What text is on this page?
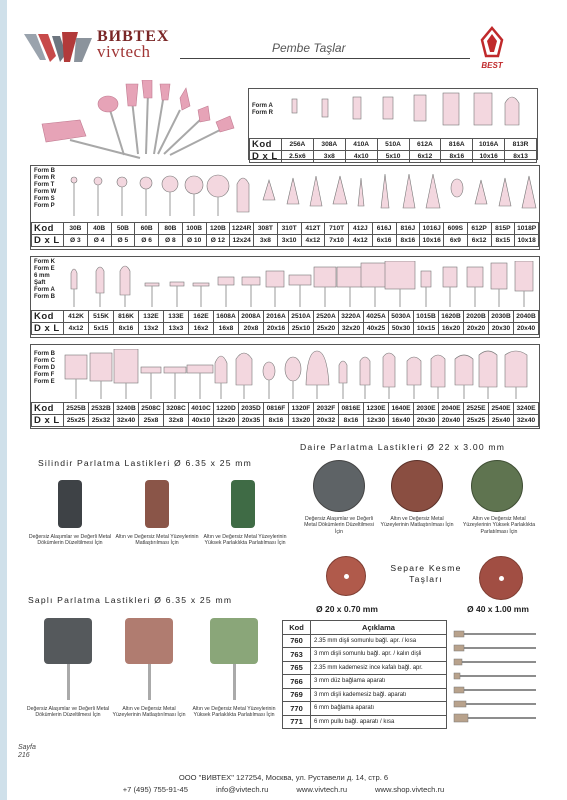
ВИВТЕХ
vivtech	Pembe Taşlar
BEST
Form A
Form R
Kod	256A	308A	410A	510A	612A	816A	1016A	813R
D x L	2.5x6	3x8	4x10	5x10	6x12	8x16	10x16	8x13
Form B
Form R
Form T
Form W
Form S
Form P
Kod	30B	40B	50B	60B	80B	100B	120B	1224R	308T	310T	412T	710T	412J	616J	816J	1016J	609S	612P	815P	1018P
D x L	Ø 3	Ø 4	Ø 5	Ø 6	Ø 8	Ø 10	Ø 12	12x24	3x8	3x10	4x12	7x10	4x12	6x16	8x16	10x16	6x9	6x12	8x15	10x18
Form K
Form E
6 mm
Şaft
Form A
Form B
Kod	412K	515K	816K	132E	133E	162E	1608A	2008A	2016A	2510A	2520A	3220A	4025A	5030A	1015B	1620B	2020B	2030B	2040B
D x L	4x12	5x15	8x16	13x2	13x3	16x2	16x8	20x8	20x16	25x10	25x20	32x20	40x25	50x30	10x15	16x20	20x20	20x30	20x40
Form B
Form C
Form D
Form F
Form E
Kod	2525B	2532B	3240B	2508C	3208C	4010C	1220D	2035D	0816F	1320F	2032F	0816E	1230E	1640E	2030E	2040E	2525E	2540E	3240E
D x L	25x25	25x32	32x40	25x8	32x8	40x10	12x20	20x35	8x16	13x20	20x32	8x16	12x30	16x40	20x30	20x40	25x25	25x40	32x40
Daire Parlatma Lastikleri Ø 22 x 3.00 mm
Değersiz Alaşımlar ve Değerli Metal Dökümlerin Düzeltilmesi İçin
Altın ve Değersiz Metal Yüzeylerinin Matlaştırılması İçin
Altın ve Değersiz Metal Yüzeylerinin Yüksek Parlaklıkta Parlatılması İçin
Silindir Parlatma Lastikleri Ø 6.35 x 25 mm
Değersiz Alaşımlar ve Değerli Metal Dökümlerin Düzeltilmesi İçin
Altın ve Değersiz Metal Yüzeylerinin Matlaştırılması İçin
Altın ve Değersiz Metal Yüzeylerinin Yüksek Parlaklıkta Parlatılması İçin
Separe Kesme Taşları
Ø 20 x 0.70 mm	Ø 40 x 1.00 mm
Saplı Parlatma Lastikleri Ø 6.35 x 25 mm
Değersiz Alaşımlar ve Değerli Metal Dökümlerin Düzeltilmesi İçin
Altın ve Değersiz Metal Yüzeylerinin Matlaştırılması İçin
Altın ve Değersiz Metal Yüzeylerinin Yüksek Parlaklıkta Parlatılması İçin
Kod	Açıklama
760	2.35 mm dişli somunlu bağl. apr. / kısa
763	3 mm dişli somunlu bağl. apr. / kalın dişli
765	2.35 mm kademesiz ince kafalı bağl. apr.
766	3 mm düz bağlama aparatı
769	3 mm dişli kademesiz bağl. aparatı
770	6 mm bağlama aparatı
771	6 mm pullu bağl. aparatı / kısa
Sayfa
216
ООО "ВИВТЕХ" 127254, Москва, ул. Руставели д. 14, стр. 6
+7 (495) 755-91-45	info@vivtech.ru	www.vivtech.ru	www.shop.vivtech.ru
